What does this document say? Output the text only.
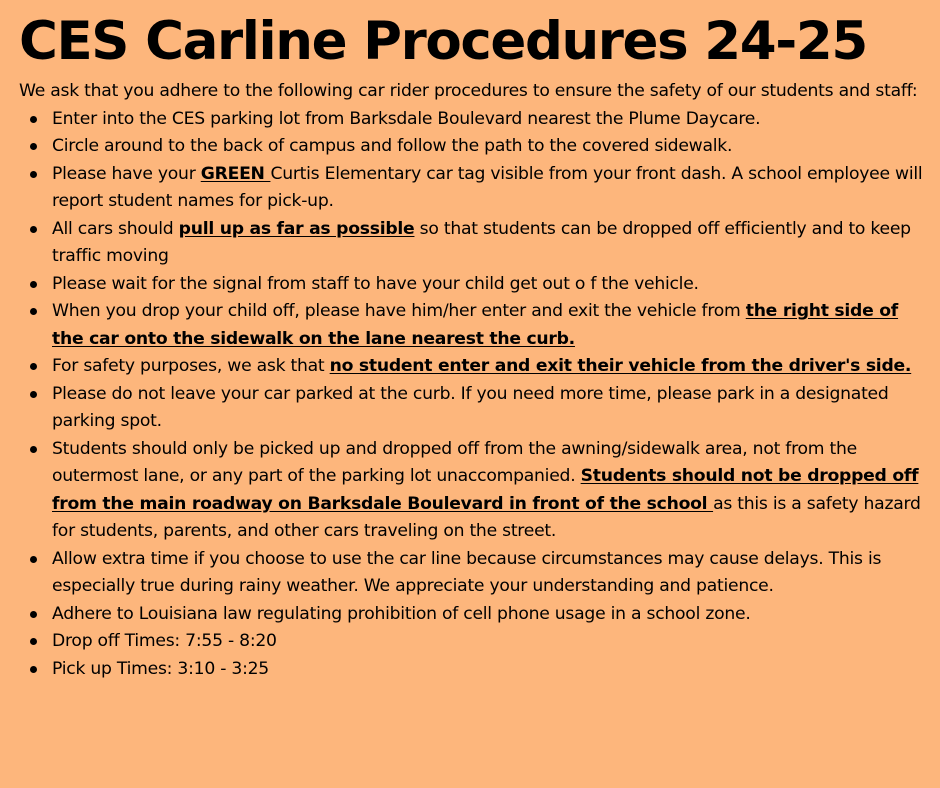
CES Carline Procedures 24-25

We ask that you adhere to the following car rider procedures to ensure the safety of our students and staff:

Enter into the CES parking lot from Barksdale Boulevard nearest the Plume Daycare.
Circle around to the back of campus and follow the path to the covered sidewalk.
Please have your GREEN Curtis Elementary car tag visible from your front dash. A school employee will report student names for pick-up.
All cars should pull up as far as possible so that students can be dropped off efficiently and to keep traffic moving
Please wait for the signal from staff to have your child get out o f the vehicle.
When you drop your child off, please have him/her enter and exit the vehicle from the right side of the car onto the sidewalk on the lane nearest the curb.
For safety purposes, we ask that no student enter and exit their vehicle from the driver's side.
Please do not leave your car parked at the curb. If you need more time, please park in a designated parking spot.
Students should only be picked up and dropped off from the awning/sidewalk area, not from the outermost lane, or any part of the parking lot unaccompanied. Students should not be dropped off from the main roadway on Barksdale Boulevard in front of the school as this is a safety hazard for students, parents, and other cars traveling on the street.
Allow extra time if you choose to use the car line because circumstances may cause delays. This is especially true during rainy weather. We appreciate your understanding and patience.
Adhere to Louisiana law regulating prohibition of cell phone usage in a school zone.
Drop off Times: 7:55 - 8:20
Pick up Times: 3:10 - 3:25
